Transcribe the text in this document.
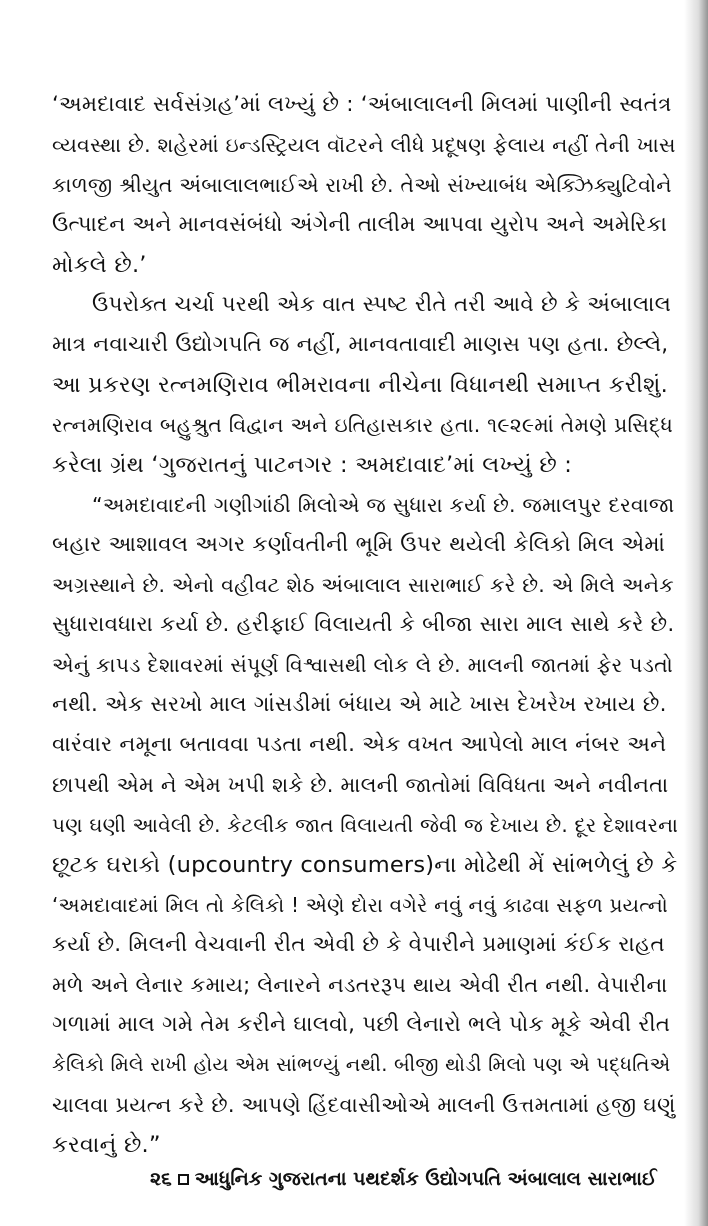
‘અમદાવાદ સર્વસંગ્રહ’માં લખ્યું છે : ‘અંબાલાલની મિલમાં પાણીની સ્વતંત્ર
વ્યવસ્થા છે. શહેરમાં ઇન્ડસ્ટ્રિયલ વૉટરને લીધે પ્રદૂષણ ફેલાય નહીં તેની ખાસ
કાળજી શ્રીયુત અંબાલાલભાઈએ રાખી છે. તેઓ સંખ્યાબંધ એક્ઝિક્યુટિવોને
ઉત્પાદન અને માનવસંબંધો અંગેની તાલીમ આપવા યુરોપ અને અમેરિકા
મોકલે છે.’
ઉપરોક્ત ચર્ચા પરથી એક વાત સ્પષ્ટ રીતે તરી આવે છે કે અંબાલાલ
માત્ર નવાચારી ઉદ્યોગપતિ જ નહીં, માનવતાવાદી માણસ પણ હતા. છેલ્લે,
આ પ્રકરણ રત્નમણિરાવ ભીમરાવના નીચેના વિધાનથી સમાપ્ત કરીશું.
રત્નમણિરાવ બહુશ્રુત વિદ્વાન અને ઇતિહાસકાર હતા. ૧૯૨૯માં તેમણે પ્રસિદ્ધ
કરેલા ગ્રંથ ‘ગુજરાતનું પાટનગર : અમદાવાદ’માં લખ્યું છે :
“અમદાવાદની ગણીગાંઠી મિલોએ જ સુધારા કર્યા છે. જમાલપુર દરવાજા
બહાર આશાવલ અગર કર્ણાવતીની ભૂમિ ઉપર થયેલી કેલિકો મિલ એમાં
અગ્રસ્થાને છે. એનો વહીવટ શેઠ અંબાલાલ સારાભાઈ કરે છે. એ મિલે અનેક
સુધારાવધારા કર્યા છે. હરીફાઈ વિલાયતી કે બીજા સારા માલ સાથે કરે છે.
એનું કાપડ દેશાવરમાં સંપૂર્ણ વિશ્વાસથી લોક લે છે. માલની જાતમાં ફેર પડતો
નથી. એક સરખો માલ ગાંસડીમાં બંધાય એ માટે ખાસ દેખરેખ રખાય છે.
વારંવાર નમૂના બતાવવા પડતા નથી. એક વખત આપેલો માલ નંબર અને
છાપથી એમ ને એમ ખપી શકે છે. માલની જાતોમાં વિવિધતા અને નવીનતા
પણ ઘણી આવેલી છે. કેટલીક જાત વિલાયતી જેવી જ દેખાય છે. દૂર દેશાવરના
છૂટક ઘરાકો (upcountry consumers)ના મોઢેથી મેં સાંભળેલું છે કે
‘અમદાવાદમાં મિલ તો કેલિકો ! એણે દોરા વગેરે નવું નવું કાઢવા સફળ પ્રયત્નો
કર્યા છે. મિલની વેચવાની રીત એવી છે કે વેપારીને પ્રમાણમાં કંઈક રાહત
મળે અને લેનાર કમાય; લેનારને નડતરરૂપ થાય એવી રીત નથી. વેપારીના
ગળામાં માલ ગમે તેમ કરીને ઘાલવો, પછી લેનારો ભલે પોક મૂકે એવી રીત
કેલિકો મિલે રાખી હોય એમ સાંભળ્યું નથી. બીજી થોડી મિલો પણ એ પદ્ધતિએ
ચાલવા પ્રયત્ન કરે છે. આપણે હિંદવાસીઓએ માલની ઉત્તમતામાં હજી ઘણું
કરવાનું છે.”
૨૬ આધુનિક ગુજરાતના પથદર્શક ઉદ્યોગપતિ અંબાલાલ સારાભાઈ
